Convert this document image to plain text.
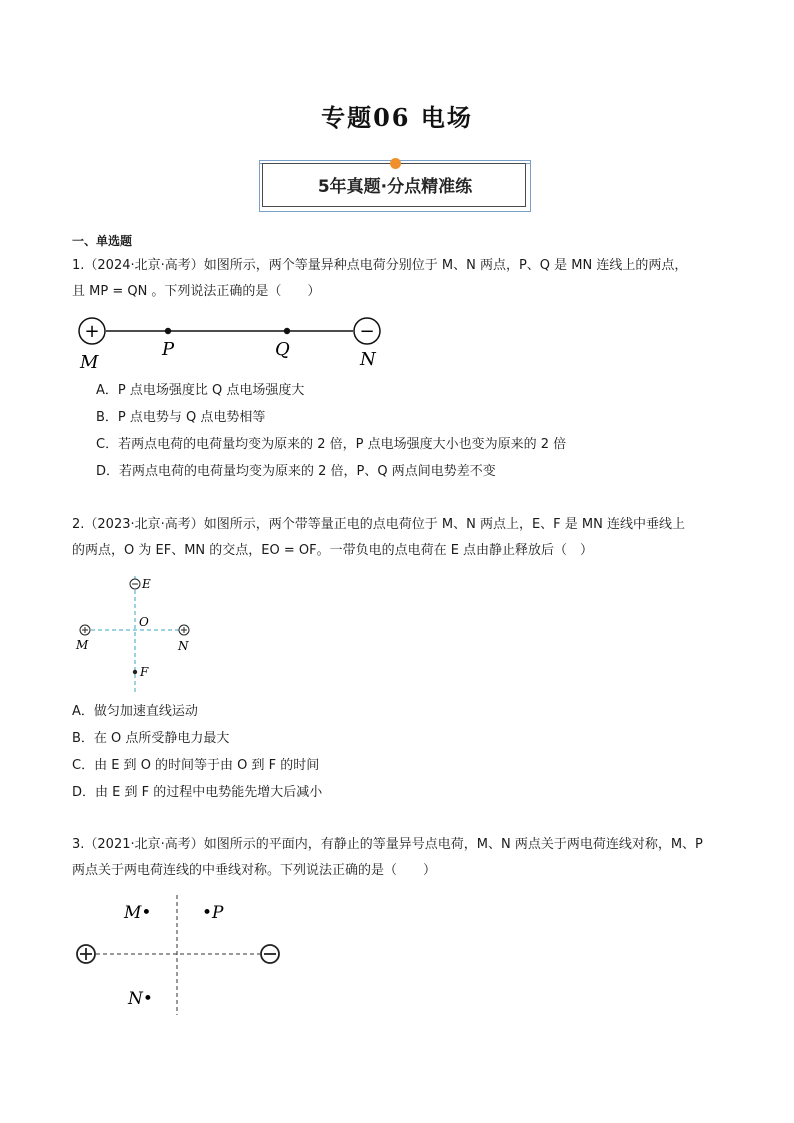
专题06 电场
5年真题·分点精准练
一、单选题
1.（2024·北京·高考）如图所示，两个等量异种点电荷分别位于 M、N 两点，P、Q 是 MN 连线上的两点，
且 MP = QN 。下列说法正确的是（　　）
+	−
M
P	Q	N
A．P 点电场强度比 Q 点电场强度大
B．P 点电势与 Q 点电势相等
C．若两点电荷的电荷量均变为原来的 2 倍，P 点电场强度大小也变为原来的 2 倍
D．若两点电荷的电荷量均变为原来的 2 倍，P、Q 两点间电势差不变
2.（2023·北京·高考）如图所示，两个带等量正电的点电荷位于 M、N 两点上，E、F 是 MN 连线中垂线上
的两点，O 为 EF、MN 的交点，EO = OF。一带负电的点电荷在 E 点由静止释放后（　）
E
O
M	N
F
A．做匀加速直线运动
B．在 O 点所受静电力最大
C．由 E 到 O 的时间等于由 O 到 F 的时间
D．由 E 到 F 的过程中电势能先增大后减小
3.（2021·北京·高考）如图所示的平面内，有静止的等量异号点电荷，M、N 两点关于两电荷连线对称，M、P
两点关于两电荷连线的中垂线对称。下列说法正确的是（　　）
M•	•P
N•
